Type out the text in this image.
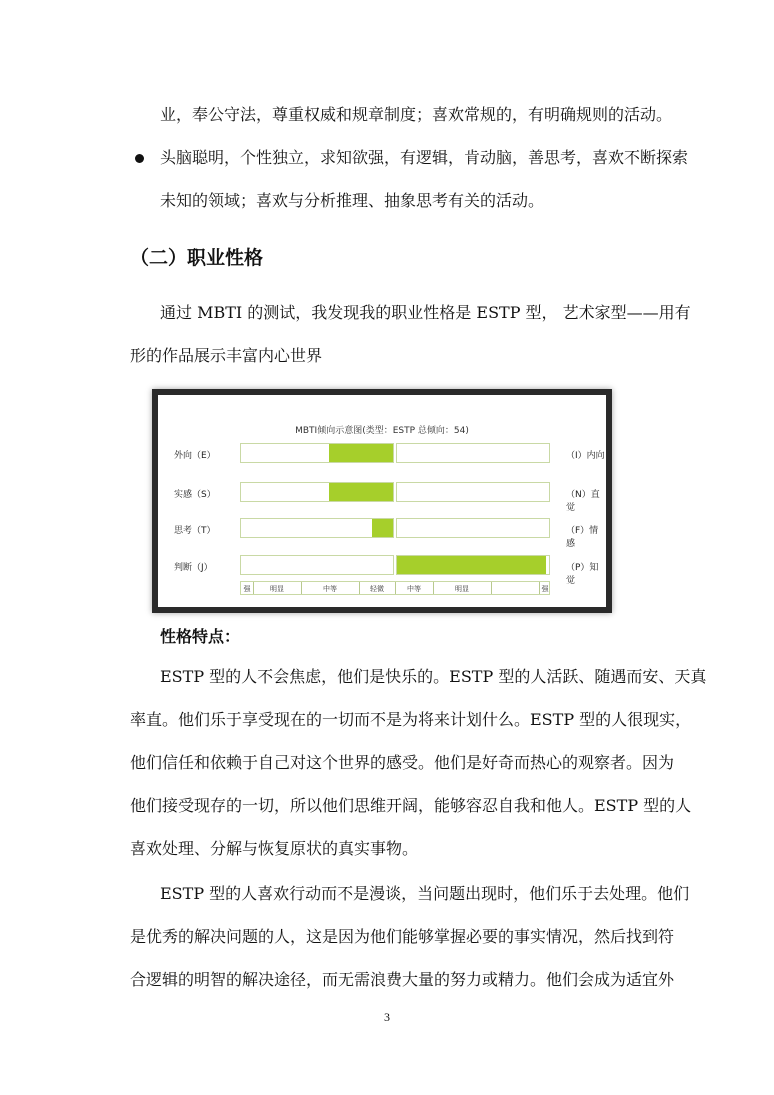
业，奉公守法，尊重权威和规章制度；喜欢常规的，有明确规则的活动。
头脑聪明，个性独立，求知欲强，有逻辑，肯动脑，善思考，喜欢不断探索
未知的领域；喜欢与分析推理、抽象思考有关的活动。
（二）职业性格
通过 MBTI 的测试，我发现我的职业性格是 ESTP 型， 艺术家型——用有
形的作品展示丰富内心世界
MBTI倾向示意图(类型：ESTP 总倾向：54)
外向（E）	（I）内向
实感（S）	（N）直觉
思考（T）	（F）情感
判断（J）	（P）知觉
强	明显	中等	轻微	中等	明显	强
性格特点：
ESTP 型的人不会焦虑，他们是快乐的。ESTP 型的人活跃、随遇而安、天真
率直。他们乐于享受现在的一切而不是为将来计划什么。ESTP 型的人很现实，
他们信任和依赖于自己对这个世界的感受。他们是好奇而热心的观察者。因为
他们接受现存的一切，所以他们思维开阔，能够容忍自我和他人。ESTP 型的人
喜欢处理、分解与恢复原状的真实事物。
ESTP 型的人喜欢行动而不是漫谈，当问题出现时，他们乐于去处理。他们
是优秀的解决问题的人，这是因为他们能够掌握必要的事实情况，然后找到符
合逻辑的明智的解决途径，而无需浪费大量的努力或精力。他们会成为适宜外
3
